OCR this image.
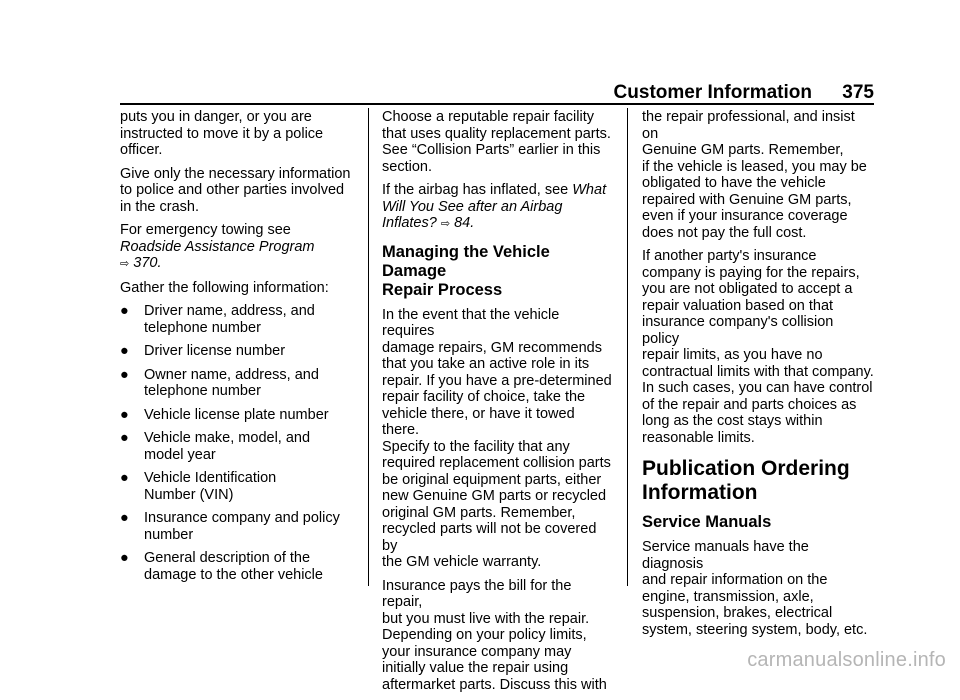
Customer Information 375

puts you in danger, or you are
instructed to move it by a police
officer.

Give only the necessary information
to police and other parties involved
in the crash.

For emergency towing see
Roadside Assistance Program
⇨ 370.

Gather the following information:

● Driver name, address, and
telephone number
● Driver license number
● Owner name, address, and
telephone number
● Vehicle license plate number
● Vehicle make, model, and
model year
● Vehicle Identification
Number (VIN)
● Insurance company and policy
number
● General description of the
damage to the other vehicle

Choose a reputable repair facility
that uses quality replacement parts.
See “Collision Parts” earlier in this
section.

If the airbag has inflated, see What
Will You See after an Airbag
Inflates? ⇨ 84.

Managing the Vehicle Damage
Repair Process

In the event that the vehicle requires
damage repairs, GM recommends
that you take an active role in its
repair. If you have a pre-determined
repair facility of choice, take the
vehicle there, or have it towed there.
Specify to the facility that any
required replacement collision parts
be original equipment parts, either
new Genuine GM parts or recycled
original GM parts. Remember,
recycled parts will not be covered by
the GM vehicle warranty.

Insurance pays the bill for the repair,
but you must live with the repair.
Depending on your policy limits,
your insurance company may
initially value the repair using
aftermarket parts. Discuss this with

the repair professional, and insist on
Genuine GM parts. Remember,
if the vehicle is leased, you may be
obligated to have the vehicle
repaired with Genuine GM parts,
even if your insurance coverage
does not pay the full cost.

If another party's insurance
company is paying for the repairs,
you are not obligated to accept a
repair valuation based on that
insurance company's collision policy
repair limits, as you have no
contractual limits with that company.
In such cases, you can have control
of the repair and parts choices as
long as the cost stays within
reasonable limits.

Publication Ordering
Information
Service Manuals

Service manuals have the diagnosis
and repair information on the
engine, transmission, axle,
suspension, brakes, electrical
system, steering system, body, etc.

carmanualsonline.info
